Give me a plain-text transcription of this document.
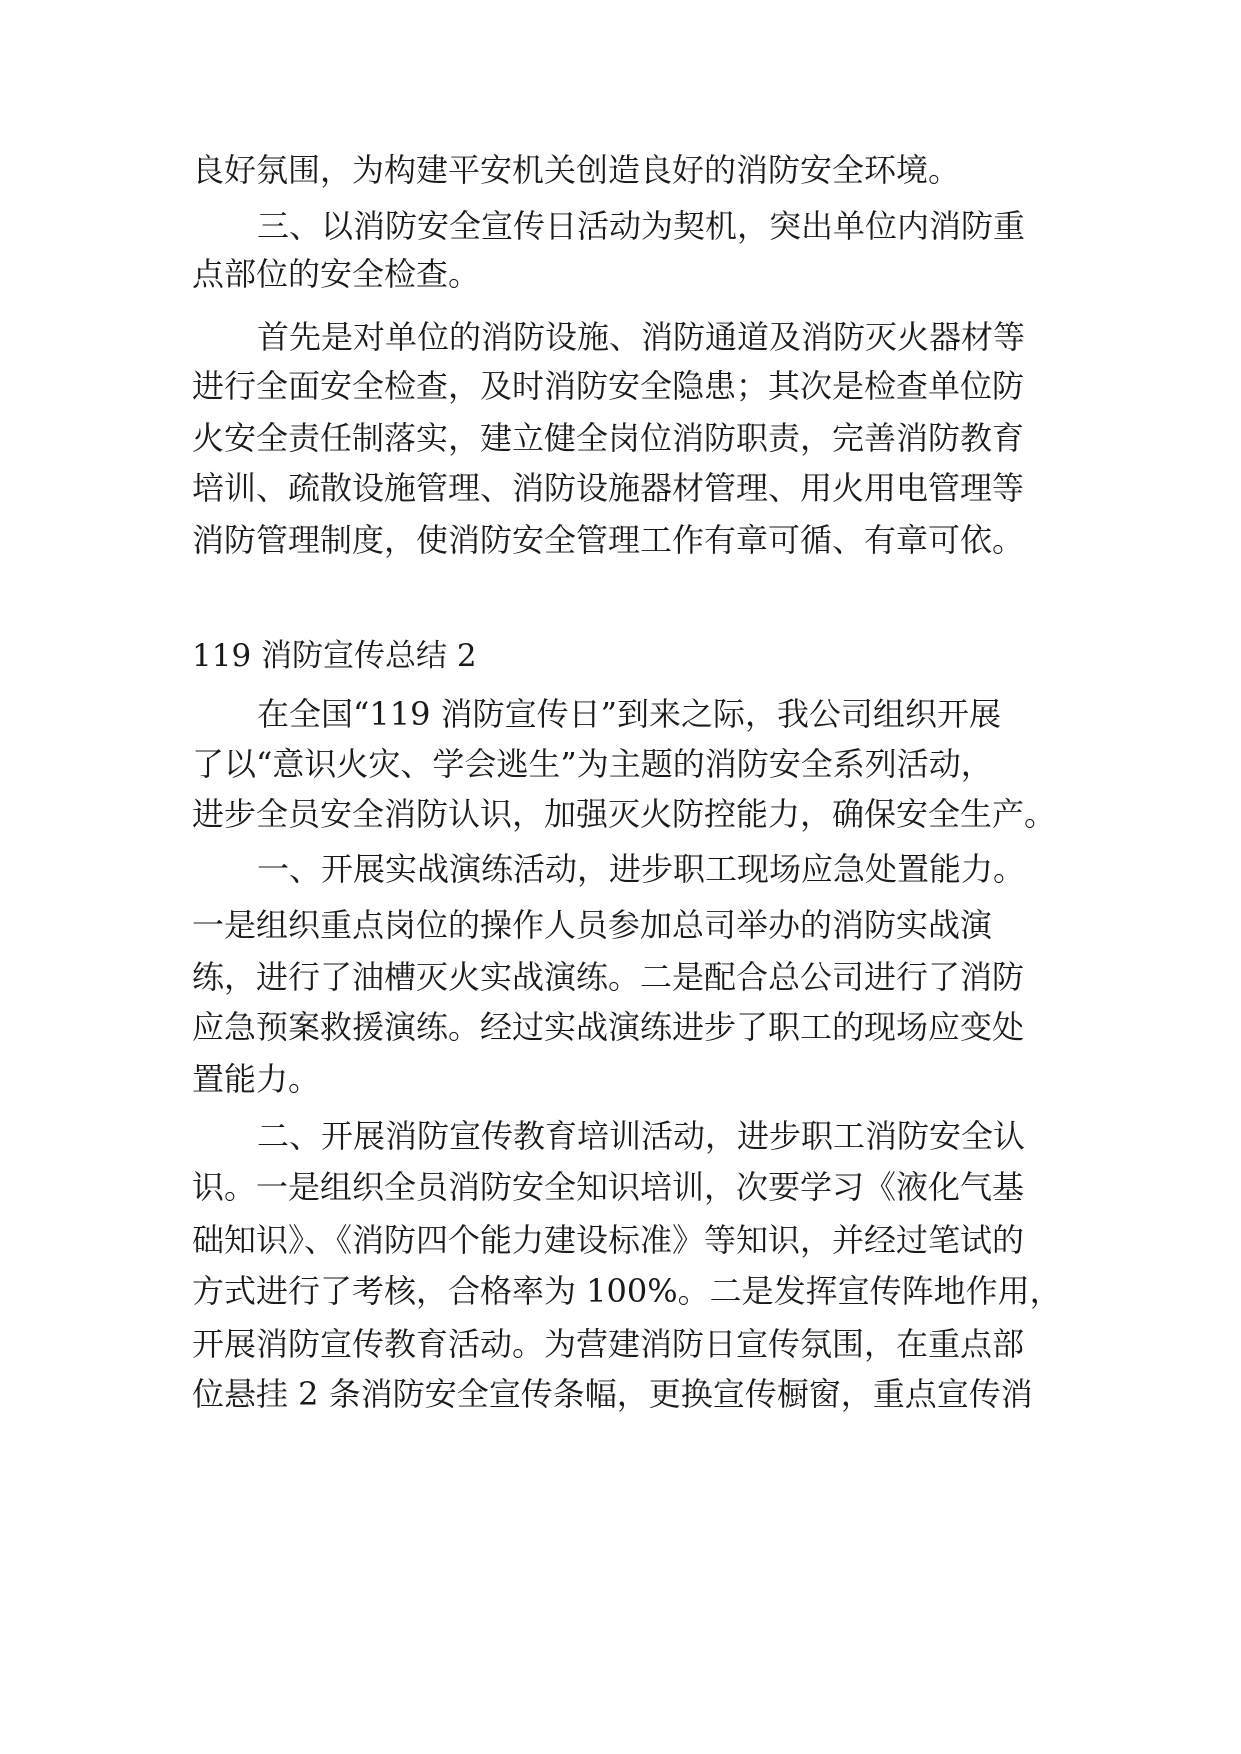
良好氛围，为构建平安机关创造良好的消防安全环境。

三、以消防安全宣传日活动为契机，突出单位内消防重

点部位的安全检查。

首先是对单位的消防设施、消防通道及消防灭火器材等

进行全面安全检查，及时消防安全隐患；其次是检查单位防

火安全责任制落实，建立健全岗位消防职责，完善消防教育

培训、疏散设施管理、消防设施器材管理、用火用电管理等

消防管理制度，使消防安全管理工作有章可循、有章可依。

119 消防宣传总结 2

在全国“119 消防宣传日”到来之际，我公司组织开展

了以“意识火灾、学会逃生”为主题的消防安全系列活动，

进步全员安全消防认识，加强灭火防控能力，确保安全生产。

一、开展实战演练活动，进步职工现场应急处置能力。

一是组织重点岗位的操作人员参加总司举办的消防实战演

练，进行了油槽灭火实战演练。二是配合总公司进行了消防

应急预案救援演练。经过实战演练进步了职工的现场应变处

置能力。

二、开展消防宣传教育培训活动，进步职工消防安全认

识。一是组织全员消防安全知识培训，次要学习《液化气基

础知识》、《消防四个能力建设标准》等知识，并经过笔试的

方式进行了考核，合格率为 100%。二是发挥宣传阵地作用，

开展消防宣传教育活动。为营建消防日宣传氛围，在重点部

位悬挂 2 条消防安全宣传条幅，更换宣传橱窗，重点宣传消
